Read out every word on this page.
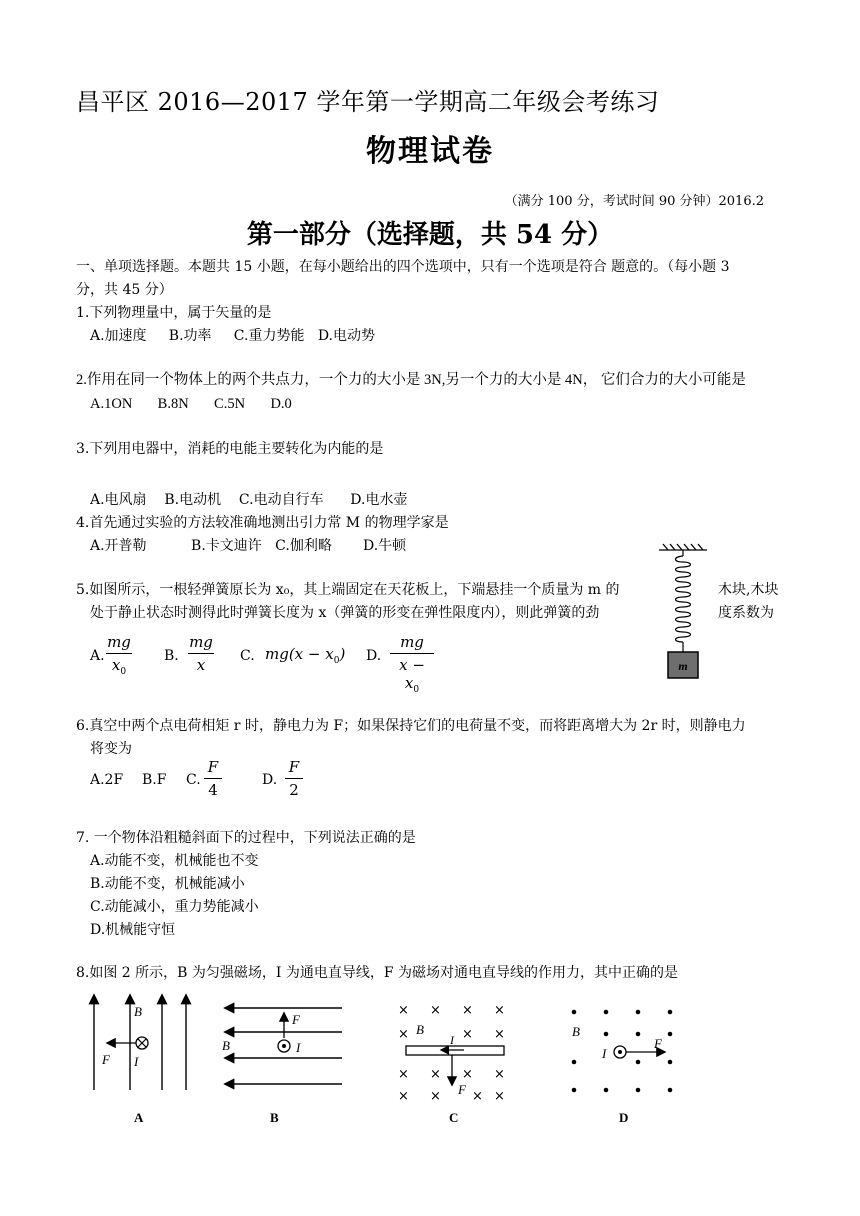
昌平区 2016—2017 学年第一学期高二年级会考练习
物理试卷
（满分 100 分，考试时间 90 分钟）2016.2
第一部分（选择题，共 54 分）
一、单项选择题。本题共 15 小题，在每小题给出的四个选项中，只有一个选项是符合 题意的。（每小题 3
分，共 45 分）
1.下列物理量中，属于矢量的是
A.加速度     B.功率     C.重力势能   D.电动势
2.作用在同一个物体上的两个共点力，一个力的大小是 3N,另一个力的大小是 4N， 它们合力的大小可能是
A.1ON       B.8N       C.5N       D.0
3.下列用电器中，消耗的电能主要转化为内能的是
A.电风扇    B.电动机    C.电动自行车      D.电水壶
4.首先通过实验的方法较准确地测出引力常 M 的物理学家是
A.开普勒          B.卡文迪许   C.伽利略       D.牛顿
5.如图所示，一根轻弹簧原长为 x₀，其上端固定在天花板上，下端悬挂一个质量为 m 的	木块,木块
处于静止状态时测得此时弹簧长度为 x（弹簧的形变在弹性限度内），则此弹簧的劲	度系数为
A.
mg
$x_0$
B.
mg
x	C. $mg(x - x_0)$ D.
mg
$x - x_0$
m
6.真空中两个点电荷相矩 r 时，静电力为 F；如果保持它们的电荷量不变，而将距离增大为 2r 时，则静电力
将变为
A.2F B.F C.
F
4
D.
F
2
7. 一个物体沿粗糙斜面下的过程中，下列说法正确的是
A.动能不变，机械能也不变
B.动能不变，机械能减小
C.动能减小，重力势能减小
D.机械能守恒
8.如图 2 所示，B 为匀强磁场，I 为通电直导线，F 为磁场对通电直导线的作用力，其中正确的是
B
F I
A
F
B	I
B
× × × ×
×	× ×
× × × ×
× × × ×
B
I
F
C
B
I
F
D
